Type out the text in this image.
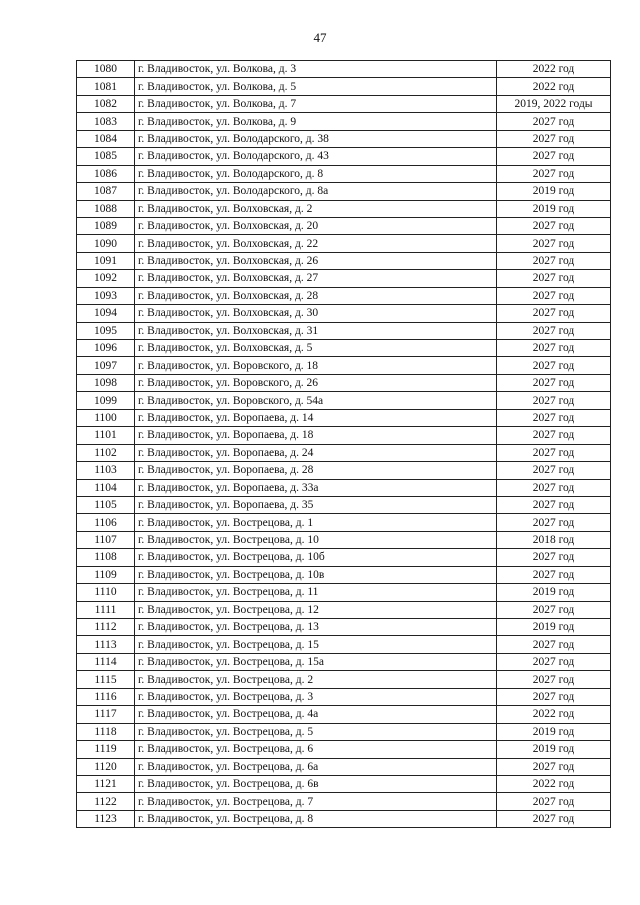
47
1080	г. Владивосток, ул. Волкова, д. 3	2022 год
1081	г. Владивосток, ул. Волкова, д. 5	2022 год
1082	г. Владивосток, ул. Волкова, д. 7	2019, 2022 годы
1083	г. Владивосток, ул. Волкова, д. 9	2027 год
1084	г. Владивосток, ул. Володарского, д. 38	2027 год
1085	г. Владивосток, ул. Володарского, д. 43	2027 год
1086	г. Владивосток, ул. Володарского, д. 8	2027 год
1087	г. Владивосток, ул. Володарского, д. 8а	2019 год
1088	г. Владивосток, ул. Волховская, д. 2	2019 год
1089	г. Владивосток, ул. Волховская, д. 20	2027 год
1090	г. Владивосток, ул. Волховская, д. 22	2027 год
1091	г. Владивосток, ул. Волховская, д. 26	2027 год
1092	г. Владивосток, ул. Волховская, д. 27	2027 год
1093	г. Владивосток, ул. Волховская, д. 28	2027 год
1094	г. Владивосток, ул. Волховская, д. 30	2027 год
1095	г. Владивосток, ул. Волховская, д. 31	2027 год
1096	г. Владивосток, ул. Волховская, д. 5	2027 год
1097	г. Владивосток, ул. Воровского, д. 18	2027 год
1098	г. Владивосток, ул. Воровского, д. 26	2027 год
1099	г. Владивосток, ул. Воровского, д. 54а	2027 год
1100	г. Владивосток, ул. Воропаева, д. 14	2027 год
1101	г. Владивосток, ул. Воропаева, д. 18	2027 год
1102	г. Владивосток, ул. Воропаева, д. 24	2027 год
1103	г. Владивосток, ул. Воропаева, д. 28	2027 год
1104	г. Владивосток, ул. Воропаева, д. 33а	2027 год
1105	г. Владивосток, ул. Воропаева, д. 35	2027 год
1106	г. Владивосток, ул. Вострецова, д. 1	2027 год
1107	г. Владивосток, ул. Вострецова, д. 10	2018 год
1108	г. Владивосток, ул. Вострецова, д. 10б	2027 год
1109	г. Владивосток, ул. Вострецова, д. 10в	2027 год
1110	г. Владивосток, ул. Вострецова, д. 11	2019 год
1111	г. Владивосток, ул. Вострецова, д. 12	2027 год
1112	г. Владивосток, ул. Вострецова, д. 13	2019 год
1113	г. Владивосток, ул. Вострецова, д. 15	2027 год
1114	г. Владивосток, ул. Вострецова, д. 15а	2027 год
1115	г. Владивосток, ул. Вострецова, д. 2	2027 год
1116	г. Владивосток, ул. Вострецова, д. 3	2027 год
1117	г. Владивосток, ул. Вострецова, д. 4а	2022 год
1118	г. Владивосток, ул. Вострецова, д. 5	2019 год
1119	г. Владивосток, ул. Вострецова, д. 6	2019 год
1120	г. Владивосток, ул. Вострецова, д. 6а	2027 год
1121	г. Владивосток, ул. Вострецова, д. 6в	2022 год
1122	г. Владивосток, ул. Вострецова, д. 7	2027 год
1123	г. Владивосток, ул. Вострецова, д. 8	2027 год
